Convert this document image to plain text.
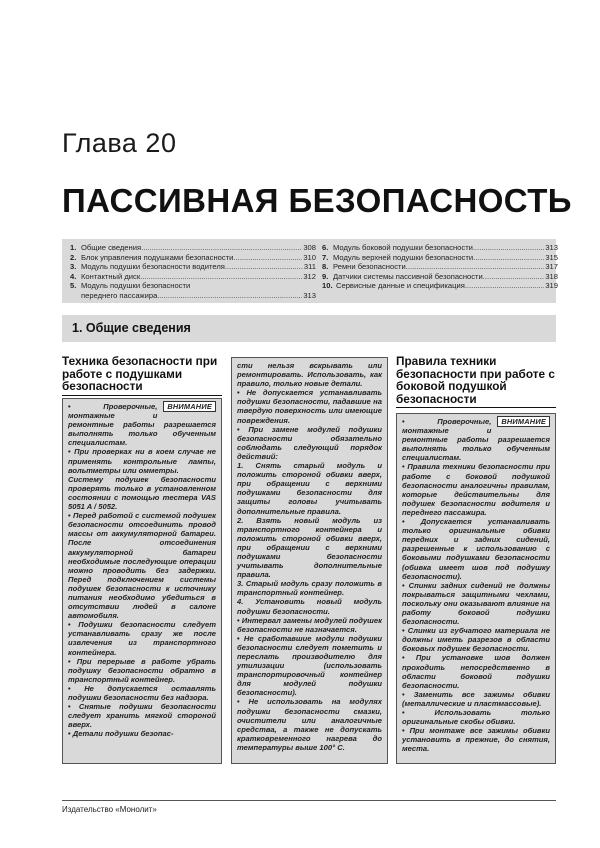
Глава 20
ПАССИВНАЯ БЕЗОПАСНОСТЬ
1. Общие сведения .....	308
2. Блок управления подушками безопасности .....	310
3. Модуль подушки безопасности водителя .....	311
4. Контактный диск .....	312
5. Модуль подушки безопасности
переднего пассажира .....	313
6. Модуль боковой подушки безопасности .....	313
7. Модуль верхней подушки безопасности .....	315
8. Ремни безопасности .....	317
9. Датчики системы пассивной безопасности .....	318
10. Сервисные данные и спецификация .....	319
1. Общие сведения
Техника безопасности при работе с подушками безопасности
ВНИМАНИЕ

• Проверочные, монтажные и ремонтные работы разрешается выполнять только обученным специалистам.

• При проверках ни в коем случае не применять контрольные лампы, вольтметры или омметры.

Систему подушек безопасности проверять только в установленном состоянии с помощью тестера VAS 5051 A / 5052.

• Перед работой с системой подушек безопасности отсоединить провод массы от аккумуляторной батареи. После отсоединения аккумуляторной батареи необходимые последующие операции можно проводить без задержки. Перед подключением системы подушек безопасности к источнику питания необходимо убедиться в отсутствии людей в салоне автомобиля.

• Подушки безопасности следует устанавливать сразу же после извлечения из транспортного контейнера.

• При перерыве в работе убрать подушку безопасности обратно в транспортный контейнер.

• Не допускается оставлять подушки безопасности без надзора.

• Снятые подушки безопасности следует хранить мягкой стороной вверх.

• Детали подушки безопас-

сти нельзя вскрывать или ремонтировать. Использовать, как правило, только новые детали.

• Не допускается устанавливать подушки безопасности, падавшие на твердую поверхность или имеющие повреждения.

• При замене модулей подушки безопасности обязательно соблюдать следующий порядок действий:

1. Снять старый модуль и положить стороной обивки вверх, при обращении с верхними подушками безопасности для защиты головы учитывать дополнительные правила.

2. Взять новый модуль из транспортного контейнера и положить стороной обивки вверх, при обращении с верхними подушками безопасности учитывать дополнительные правила.

3. Старый модуль сразу положить в транспортный контейнер.

4. Установить новый модуль подушки безопасности.

• Интервал замены модулей подушек безопасности не назначается.

• Не сработавшие модули подушки безопасности следует пометить и переслать производителю для утилизации (использовать транспортировочный контейнер для модулей подушки безопасности).

• Не использовать на модулях подушки безопасности смазки, очистители или аналогичные средства, а также не допускать кратковременного нагрева до температуры выше 100° С.

Правила техники безопасности при работе с боковой подушкой безопасности
ВНИМАНИЕ

• Проверочные, монтажные и ремонтные работы разрешается выполнять только обученным специалистам.

• Правила техники безопасности при работе с боковой подушкой безопасности аналогичны правилам, которые действительны для подушек безопасности водителя и переднего пассажира.

• Допускается устанавливать только оригинальные обивки передних и задних сидений, разрешенные к использованию с боковыми подушками безопасности (обивка имеет шов под подушку безопасности).

• Спинки задних сидений не должны покрываться защитными чехлами, поскольку они оказывают влияние на работу боковой подушки безопасности.

• Слинки из губчатого материала не должны иметь разрезов в области боковых подушек безопасности.

• При установке шов должен проходить непосредственно в области боковой подушки безопасности.

• Заменить все зажимы обивки (металлические и пластмассовые).

• Использовать только оригинальные скобы обивки.

• При монтаже все зажимы обивки установить в прежние, до снятия, места.

Издательство «Монолит»
